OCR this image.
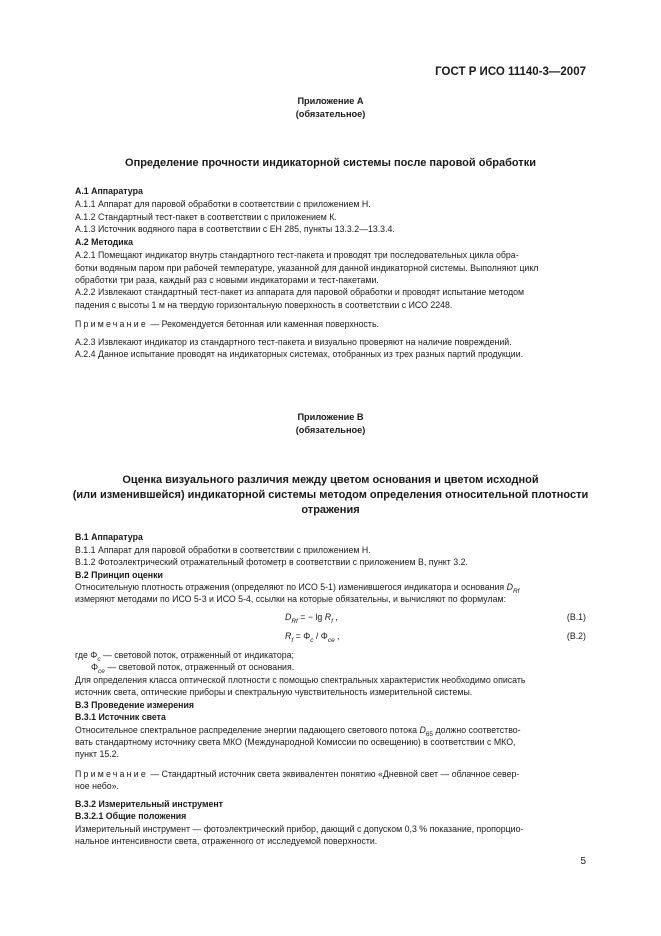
ГОСТ Р ИСО 11140-3—2007
Приложение А
(обязательное)
Определение прочности индикаторной системы после паровой обработки
А.1 Аппаратура
А.1.1 Аппарат для паровой обработки в соответствии с приложением Н.
А.1.2 Стандартный тест-пакет в соответствии с приложением К.
А.1.3 Источник водяного пара в соответствии с ЕН 285, пункты 13.3.2—13.3.4.
А.2 Методика
А.2.1 Помещают индикатор внутрь стандартного тест-пакета и проводят три последовательных цикла обра-
ботки водяным паром при рабочей температуре, указанной для данной индикаторной системы. Выполняют цикл
обработки три раза, каждый раз с новыми индикаторами и тест-пакетами.
А.2.2 Извлекают стандартный тест-пакет из аппарата для паровой обработки и проводят испытание методом
падения с высоты 1 м на твердую горизонтальную поверхность в соответствии с ИСО 2248.
Примечание — Рекомендуется бетонная или каменная поверхность.
А.2.3 Извлекают индикатор из стандартного тест-пакета и визуально проверяют на наличие повреждений.
А.2.4 Данное испытание проводят на индикаторных системах, отобранных из трех разных партий продукции.
Приложение В
(обязательное)
Оценка визуального различия между цветом основания и цветом исходной
(или изменившейся) индикаторной системы методом определения относительной плотности
отражения
В.1 Аппаратура
В.1.1 Аппарат для паровой обработки в соответствии с приложением Н.
В.1.2 Фотоэлектрический отражательный фотометр в соответствии с приложением В, пункт 3.2.
В.2 Принцип оценки
Относительную плотность отражения (определяют по ИСО 5-1) изменившегося индикатора и основания $D_{Rf}$
измеряют методами по ИСО 5-3 и ИСО 5-4, ссылки на которые обязательны, и вычисляют по формулам:
$D_{Rf}$ = − $\lg R_f$ ,	(В.1)
$R_f = \Phi_c / \Phi_{ce}$ ,	(В.2)
где $\Phi_c$ — световой поток, отраженный от индикатора;
$\Phi_{ce}$ — световой поток, отраженный от основания.
Для определения класса оптической плотности с помощью спектральных характеристик необходимо описать
источник света, оптические приборы и спектральную чувствительность измерительной системы.
В.3 Проведение измерения
В.3.1 Источник света
Относительное спектральное распределение энергии падающего светового потока $D_{65}$ должно соответство-
вать стандартному источнику света МКО (Международной Комиссии по освещению) в соответствии с МКО,
пункт 15.2.
Примечание — Стандартный источник света эквивалентен понятию «Дневной свет — облачное север-
ное небо».
В.3.2 Измерительный инструмент
В.3.2.1 Общие положения
Измерительный инструмент — фотоэлектрический прибор, дающий с допуском 0,3 % показание, пропорцио-
нальное интенсивности света, отраженного от исследуемой поверхности.
5
